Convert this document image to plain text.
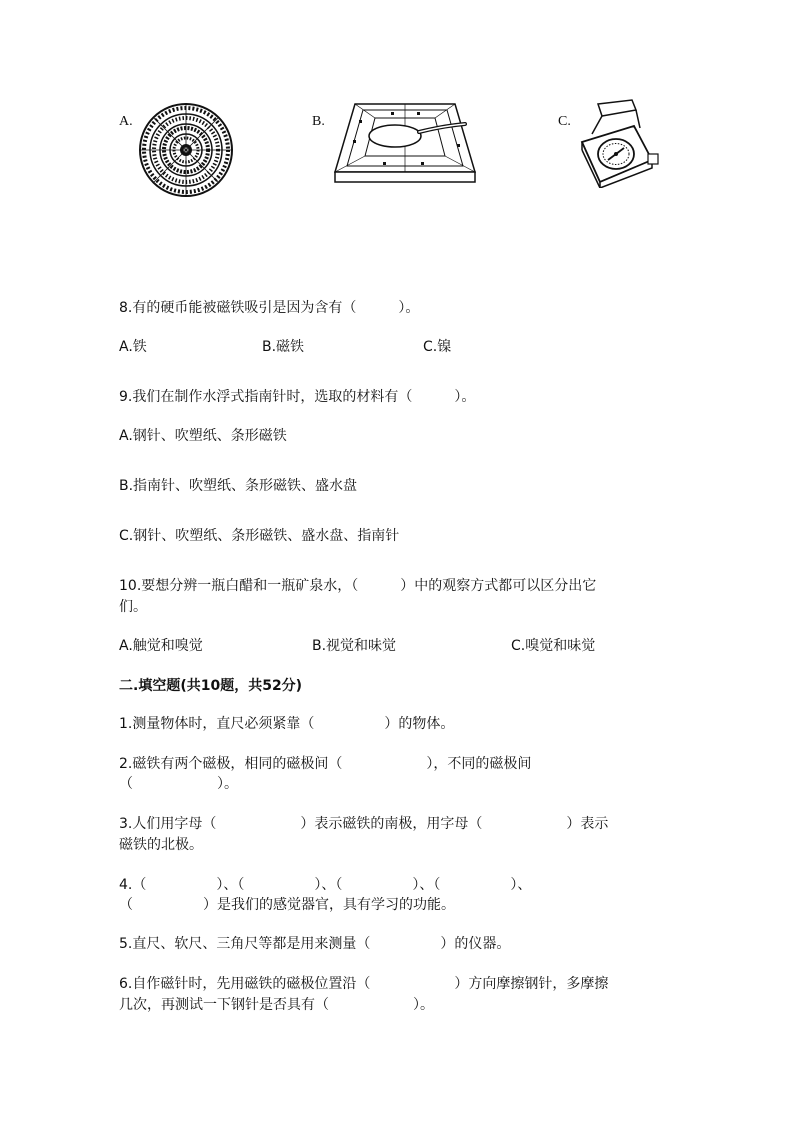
A.	B.	C.
8.有的硬币能被磁铁吸引是因为含有（　　　）。
A.铁	B.磁铁	C.镍
9.我们在制作水浮式指南针时，选取的材料有（　　　）。
A.钢针、吹塑纸、条形磁铁
B.指南针、吹塑纸、条形磁铁、盛水盘
C.钢针、吹塑纸、条形磁铁、盛水盘、指南针
10.要想分辨一瓶白醋和一瓶矿泉水，（　　　）中的观察方式都可以区分出它
们。
A.触觉和嗅觉	B.视觉和味觉	C.嗅觉和味觉
二.填空题(共10题，共52分)
1.测量物体时，直尺必须紧靠（　　　　　）的物体。
2.磁铁有两个磁极，相同的磁极间（　　　　　　），不同的磁极间
（　　　　　　）。
3.人们用字母（　　　　　　）表示磁铁的南极，用字母（　　　　　　）表示
磁铁的北极。
4.（　　　　　）、（　　　　　）、（　　　　　）、（　　　　　）、
（　　　　　）是我们的感觉器官，具有学习的功能。
5.直尺、软尺、三角尺等都是用来测量（　　　　　）的仪器。
6.自作磁针时，先用磁铁的磁极位置沿（　　　　　　）方向摩擦钢针，多摩擦
几次，再测试一下钢针是否具有（　　　　　　）。
